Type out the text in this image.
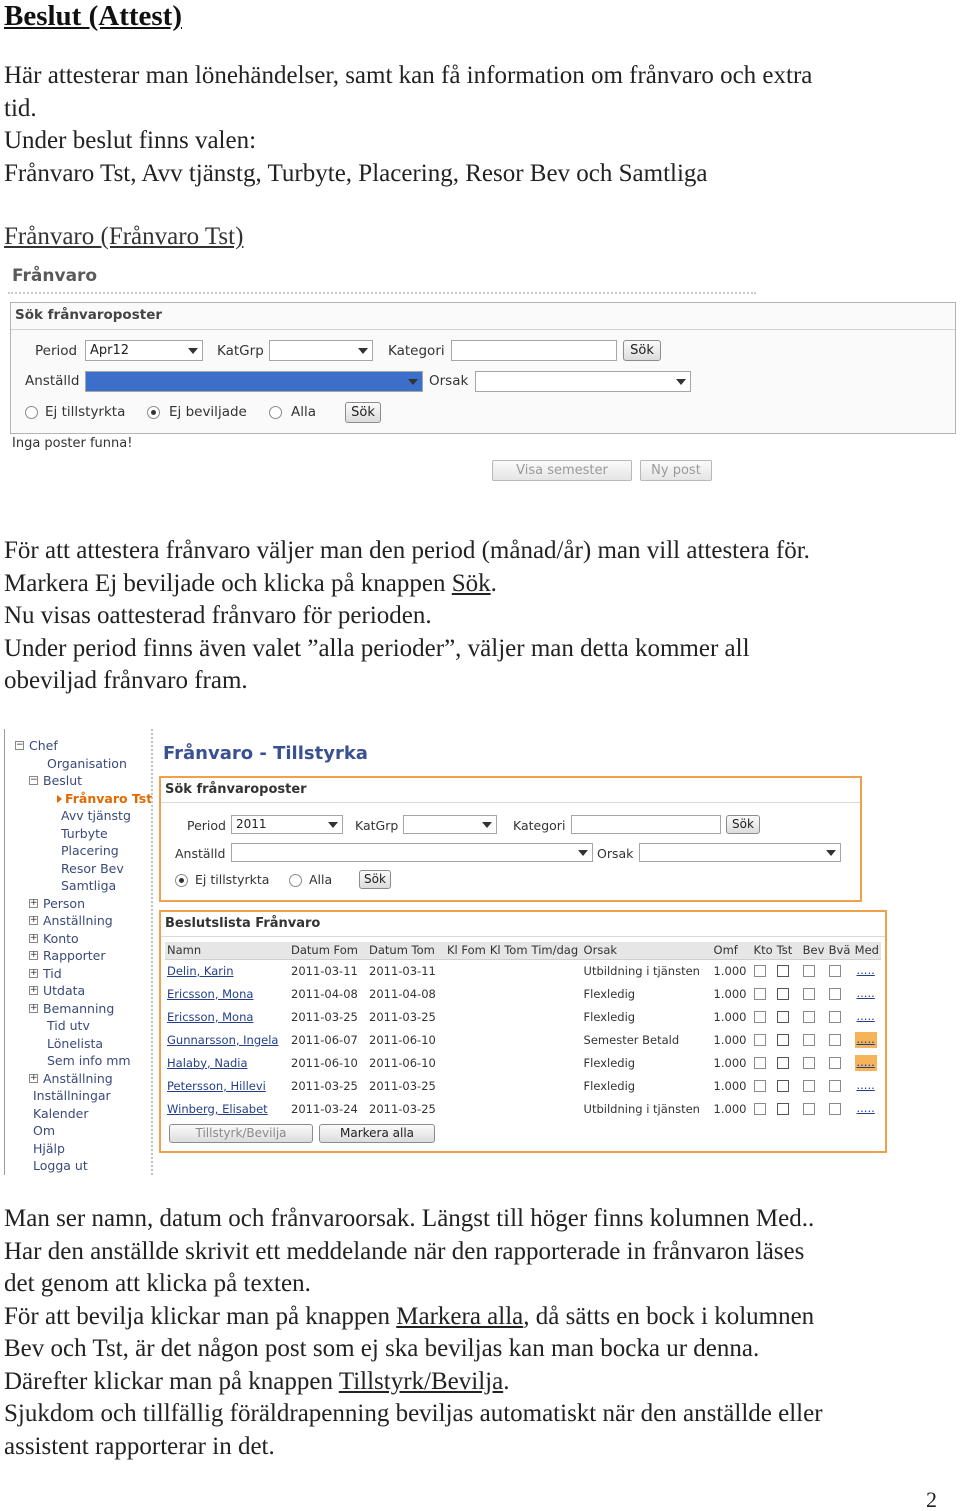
Beslut (Attest)

Här attesterar man lönehändelser, samt kan få information om frånvaro och extra

tid.

Under beslut finns valen:

Frånvaro Tst, Avv tjänstg, Turbyte, Placering, Resor Bev och Samtliga

Frånvaro (Frånvaro Tst)
Frånvaro
Sök frånvaroposter
Period Apr12	KatGrp	Kategori	Sök
Anställd	Orsak
Ej tillstyrkta	Ej beviljade	Alla	Sök
Inga poster funna!
Visa semester	Ny post

För att attestera frånvaro väljer man den period (månad/år) man vill attestera för.

Markera Ej beviljade och klicka på knappen Sök.

Nu visas oattesterad frånvaro för perioden.

Under period finns även valet ”alla perioder”, väljer man detta kommer all

obeviljad frånvaro fram.

− Chef
Organisation
− Beslut
Frånvaro Tst
Avv tjänstg
Turbyte
Placering
Resor Bev
Samtliga
+ Person
+ Anställning
+ Konto
+ Rapporter
+ Tid
+ Utdata
+ Bemanning
Tid utv
Lönelista
Sem info mm
+ Anställning
Inställningar
Kalender
Om
Hjälp
Logga ut
Frånvaro - Tillstyrka
Sök frånvaroposter
Period 2011	KatGrp	Kategori	Sök
Anställd	Orsak
Ej tillstyrkta	Alla	Sök
Beslutslista Frånvaro
Namn	Datum Fom	Datum Tom	Kl Fom	Kl Tom	Tim/dag	Orsak	Omf	Kto	Tst	Bev	Bvä	Med
Delin, Karin	2011-03-11	2011-03-11				Utbildning i tjänsten	1.000					.....
Ericsson, Mona	2011-04-08	2011-04-08				Flexledig	1.000					.....
Ericsson, Mona	2011-03-25	2011-03-25				Flexledig	1.000					.....
Gunnarsson, Ingela	2011-06-07	2011-06-10				Semester Betald	1.000					.....
Halaby, Nadia	2011-06-10	2011-06-10				Flexledig	1.000					.....
Petersson, Hillevi	2011-03-25	2011-03-25				Flexledig	1.000					.....
Winberg, Elisabet	2011-03-24	2011-03-25				Utbildning i tjänsten	1.000					.....
Tillstyrk/Bevilja	Markera alla

Man ser namn, datum och frånvaroorsak. Längst till höger finns kolumnen Med..

Har den anställde skrivit ett meddelande när den rapporterade in frånvaron läses

det genom att klicka på texten.

För att bevilja klickar man på knappen Markera alla, då sätts en bock i kolumnen

Bev och Tst, är det någon post som ej ska beviljas kan man bocka ur denna.

Därefter klickar man på knappen Tillstyrk/Bevilja.

Sjukdom och tillfällig föräldrapenning beviljas automatiskt när den anställde eller

assistent rapporterar in det.

2
